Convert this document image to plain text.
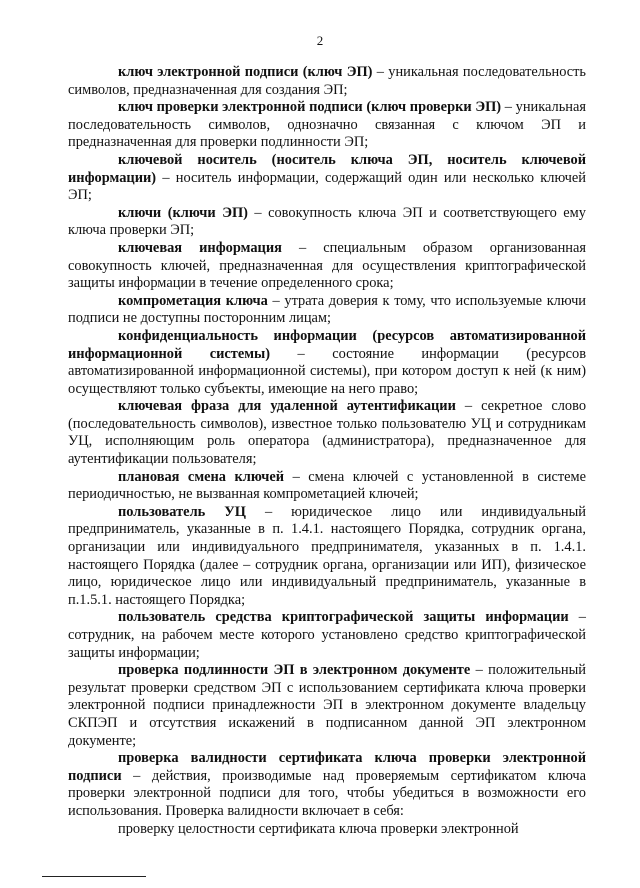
2

ключ электронной подписи (ключ ЭП) – уникальная последовательность символов, предназначенная для создания ЭП;

ключ проверки электронной подписи (ключ проверки ЭП) – уникальная последовательность символов, однозначно связанная с ключом ЭП и предназначенная для проверки подлинности ЭП;

ключевой носитель (носитель ключа ЭП, носитель ключевой информации) – носитель информации, содержащий один или несколько ключей ЭП;

ключи (ключи ЭП) – совокупность ключа ЭП и соответствующего ему ключа проверки ЭП;

ключевая информация – специальным образом организованная совокупность ключей, предназначенная для осуществления криптографической защиты информации в течение определенного срока;

компрометация ключа – утрата доверия к тому, что используемые ключи подписи не доступны посторонним лицам;

конфиденциальность информации (ресурсов автоматизированной информационной системы) – состояние информации (ресурсов автоматизированной информационной системы), при котором доступ к ней (к ним) осуществляют только субъекты, имеющие на него право;

ключевая фраза для удаленной аутентификации – секретное слово (последовательность символов), известное только пользователю УЦ и сотрудникам УЦ, исполняющим роль оператора (администратора), предназначенное для аутентификации пользователя;

плановая смена ключей – смена ключей с установленной в системе периодичностью, не вызванная компрометацией ключей;

пользователь УЦ – юридическое лицо или индивидуальный предприниматель, указанные в п. 1.4.1. настоящего Порядка, сотрудник органа, организации или индивидуального предпринимателя, указанных в п. 1.4.1. настоящего Порядка (далее – сотрудник органа, организации или ИП), физическое лицо, юридическое лицо или индивидуальный предприниматель, указанные в п.1.5.1. настоящего Порядка;

пользователь средства криптографической защиты информации – сотрудник, на рабочем месте которого установлено средство криптографической защиты информации;

проверка подлинности ЭП в электронном документе – положительный результат проверки средством ЭП с использованием сертификата ключа проверки электронной подписи принадлежности ЭП в электронном документе владельцу СКПЭП и отсутствия искажений в подписанном данной ЭП электронном документе;

проверка валидности сертификата ключа проверки электронной подписи – действия, производимые над проверяемым сертификатом ключа проверки электронной подписи для того, чтобы убедиться в возможности его использования. Проверка валидности включает в себя:

проверку целостности сертификата ключа проверки электронной
